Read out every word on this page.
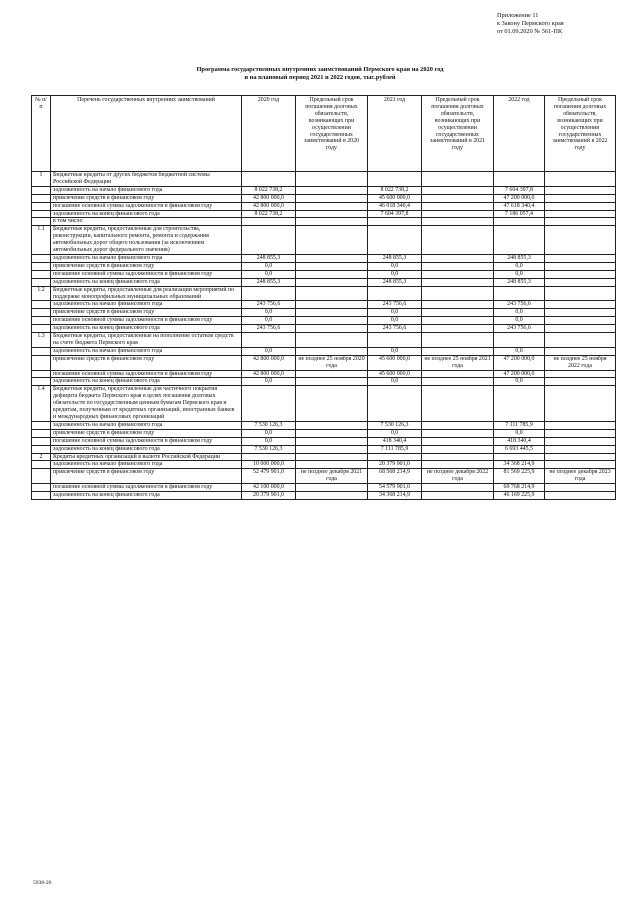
Приложение 11
к Закону Пермского края
от 01.09.2020 № 561-ПК
Программа государственных внутренних заимствований Пермского края на 2020 год
и на плановый период 2021 и 2022 годов, тыс.рублей
№ п/п	Перечень государственных внутренних заимствований	2020 год	Предельный срок погашения долговых обязательств, возникающих при осуществлении государственных заимствований в 2020 году	2021 год	Предельный срок погашения долговых обязательств, возникающих при осуществлении государственных заимствований в 2021 году	2022 год	Предельный срок погашения долговых обязательств, возникающих при осуществлении государственных заимствований в 2022 году
1	Бюджетные кредиты от других бюджетов бюджетной системы Российской Федерации						
	задолженность на начало финансового года	8 022 738,2		8 022 738,2		7 604 397,8	
	привлечение средств в финансовом году	42 800 000,0		45 600 000,0		47 200 000,0	
	погашение основной суммы задолженности в финансовом году	42 800 000,0		46 018 340,4		47 618 340,4	
	задолженность на конец финансового года	8 022 738,2		7 604 397,8		7 186 057,4	
	в том числе:						
1.1	Бюджетные кредиты, предоставленные для строительства, реконструкции, капитального ремонта, ремонта и содержания автомобильных дорог общего пользования (за исключением автомобильных дорог федерального значения)						
	задолженность на начало финансового года	248 855,3		248 855,3		248 855,3	
	привлечение средств в финансовом году	0,0		0,0		0,0	
	погашение основной суммы задолженности в финансовом году	0,0		0,0		0,0	
	задолженность на конец финансового года	248 855,3		248 855,3		248 855,3	
1.2	Бюджетные кредиты, предоставленные для реализации мероприятий по поддержке монопрофильных муниципальных образований						
	задолженность на начало финансового года	243 756,6		243 756,6		243 756,6	
	привлечение средств в финансовом году	0,0		0,0		0,0	
	погашение основной суммы задолженности в финансовом году	0,0		0,0		0,0	
	задолженность на конец финансового года	243 756,6		243 756,6		243 756,6	
1.3	Бюджетные кредиты, предоставленные на пополнение остатков средств на счете бюджета Пермского края						
	задолженность на начало финансового года	0,0		0,0		0,0	
	привлечение средств в финансовом году	42 800 000,0	не позднее 25 ноября 2020 года	45 600 000,0	не позднее 25 ноября 2021 года	47 200 000,0	не позднее 25 ноября 2022 года
	погашение основной суммы задолженности в финансовом году	42 800 000,0		45 600 000,0		47 200 000,0	
	задолженность на конец финансового года	0,0		0,0		0,0	
1.4	Бюджетные кредиты, предоставленные для частичного покрытия дефицита бюджета Пермского края в целях погашения долговых обязательств по государственным ценным бумагам Пермского края и кредитам, полученным от кредитных организаций, иностранных банков и международных финансовых организаций						
	задолженность на начало финансового года	7 530 126,3		7 530 126,3		7 111 785,9	
	привлечение средств в финансовом году	0,0		0,0		0,0	
	погашение основной суммы задолженности в финансовом году	0,0		418 340,4		418 340,4	
	задолженность на конец финансового года	7 530 126,3		7 111 785,9		6 693 445,5	
2	Кредиты кредитных организаций в валюте Российской Федерации						
	задолженность на начало финансового года	10 000 000,0		20 379 901,0		34 368 214,9	
	привлечение средств в финансовом году	52 479 901,0	не позднее декабря 2021 года	68 568 214,9	не позднее декабря 2022 года	81 569 225,9	не позднее декабря 2023 года
	погашение основной суммы задолженности в финансовом году	42 100 000,0		54 579 901,0		69 768 214,9	
	задолженность на конец финансового года	20 379 901,0		34 368 214,9		46 169 225,9	
5938-20
